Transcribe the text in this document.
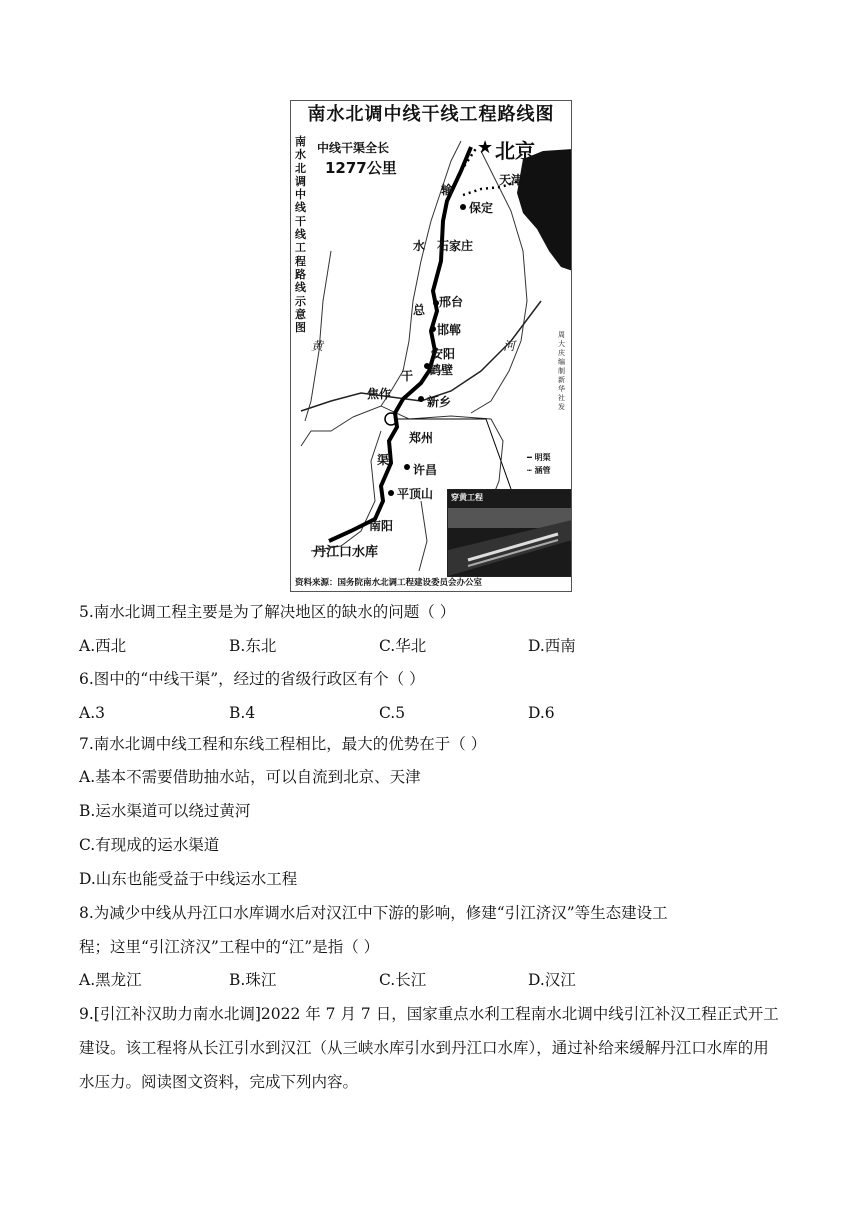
★
南水北调中线干线工程路线图
南水北调中线干线工程路线示意图
中线干渠全长
1277公里
北京
天津
保定
石家庄
邢台
邯郸
安阳
鹤壁
焦作
新乡
郑州
许昌
平顶山
南阳
丹江口水库
输
水
总
干
渠
黄	河
周大庆编制新华社发
━ 明渠
┅ 涵管
穿黄工程
资料来源：国务院南水北调工程建设委员会办公室
5.南水北调工程主要是为了解决地区的缺水的问题（ ）
A.西北	B.东北	C.华北	D.西南
6.图中的“中线干渠”，经过的省级行政区有个（ ）
A.3	B.4	C.5	D.6
7.南水北调中线工程和东线工程相比，最大的优势在于（ ）
A.基本不需要借助抽水站，可以自流到北京、天津
B.运水渠道可以绕过黄河
C.有现成的运水渠道
D.山东也能受益于中线运水工程
8.为减少中线从丹江口水库调水后对汉江中下游的影响，修建“引江济汉”等生态建设工
程；这里“引江济汉”工程中的“江”是指（ ）
A.黑龙江	B.珠江	C.长江	D.汉江
9.[引江补汉助力南水北调]2022 年 7 月 7 日，国家重点水利工程南水北调中线引江补汉工程正式开工建设。该工程将从长江引水到汉江（从三峡水库引水到丹江口水库），通过补给来缓解丹江口水库的用水压力。阅读图文资料，完成下列内容。
